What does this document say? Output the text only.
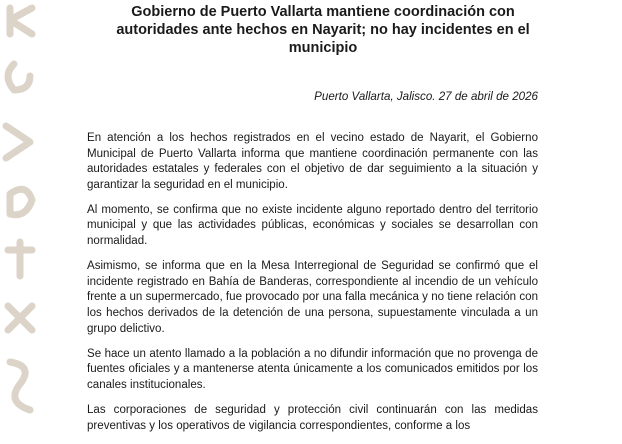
Gobierno de Puerto Vallarta mantiene coordinación con autoridades ante hechos en Nayarit; no hay incidentes en el municipio

Puerto Vallarta, Jalisco. 27 de abril de 2026

En atención a los hechos registrados en el vecino estado de Nayarit, el Gobierno Municipal de Puerto Vallarta informa que mantiene coordinación permanente con las autoridades estatales y federales con el objetivo de dar seguimiento a la situación y garantizar la seguridad en el municipio.

Al momento, se confirma que no existe incidente alguno reportado dentro del territorio municipal y que las actividades públicas, económicas y sociales se desarrollan con normalidad.

Asimismo, se informa que en la Mesa Interregional de Seguridad se confirmó que el incidente registrado en Bahía de Banderas, correspondiente al incendio de un vehículo frente a un supermercado, fue provocado por una falla mecánica y no tiene relación con los hechos derivados de la detención de una persona, supuestamente vinculada a un grupo delictivo.

Se hace un atento llamado a la población a no difundir información que no provenga de fuentes oficiales y a mantenerse atenta únicamente a los comunicados emitidos por los canales institucionales.

Las corporaciones de seguridad y protección civil continuarán con las medidas preventivas y los operativos de vigilancia correspondientes, conforme a los
